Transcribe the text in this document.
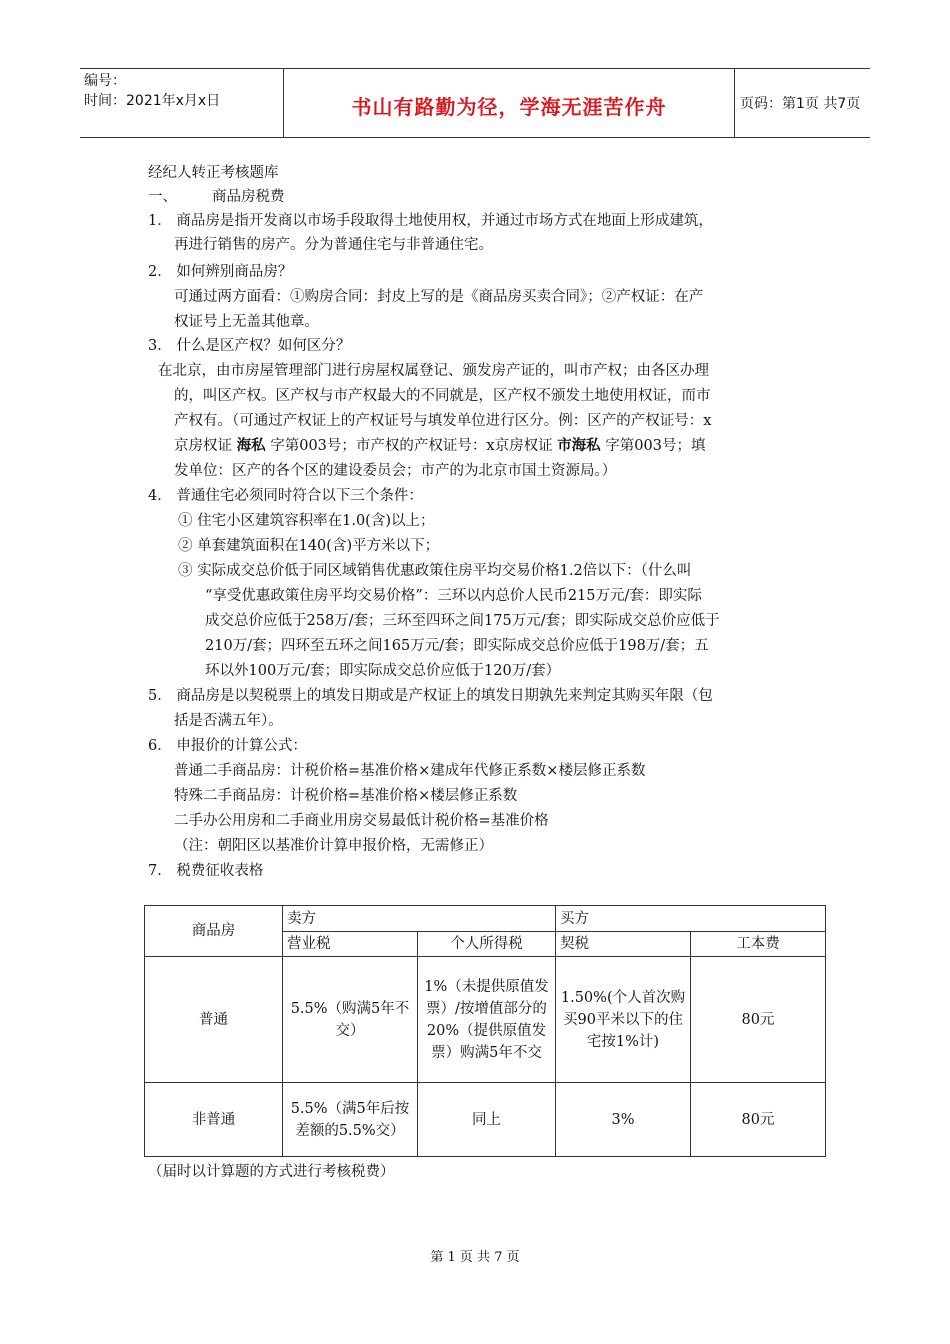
编号：
时间：2021年x月x日	书山有路勤为径，学海无涯苦作舟	页码：第1页 共7页
经纪人转正考核题库
一、 商品房税费
1． 商品房是指开发商以市场手段取得土地使用权，并通过市场方式在地面上形成建筑，
再进行销售的房产。分为普通住宅与非普通住宅。
2． 如何辨别商品房？
可通过两方面看：①购房合同：封皮上写的是《商品房买卖合同》；②产权证：在产
权证号上无盖其他章。
3． 什么是区产权？如何区分？
在北京，由市房屋管理部门进行房屋权属登记、颁发房产证的，叫市产权；由各区办理
的，叫区产权。区产权与市产权最大的不同就是，区产权不颁发土地使用权证，而市
产权有。（可通过产权证上的产权证号与填发单位进行区分。例：区产的产权证号：x
京房权证 海私 字第003号；市产权的产权证号：x京房权证 市海私 字第003号；填
发单位：区产的各个区的建设委员会；市产的为北京市国土资源局。）
4． 普通住宅必须同时符合以下三个条件：
① 住宅小区建筑容积率在1.0(含)以上；
② 单套建筑面积在140(含)平方米以下；
③ 实际成交总价低于同区域销售优惠政策住房平均交易价格1.2倍以下：（什么叫
“享受优惠政策住房平均交易价格”：三环以内总价人民币215万元/套：即实际
成交总价应低于258万/套；三环至四环之间175万元/套；即实际成交总价应低于
210万/套；四环至五环之间165万元/套；即实际成交总价应低于198万/套；五
环以外100万元/套；即实际成交总价应低于120万/套）
5． 商品房是以契税票上的填发日期或是产权证上的填发日期孰先来判定其购买年限（包
括是否满五年）。
6． 申报价的计算公式：
普通二手商品房：计税价格=基准价格×建成年代修正系数×楼层修正系数
特殊二手商品房：计税价格=基准价格×楼层修正系数
二手办公用房和二手商业用房交易最低计税价格=基准价格
（注：朝阳区以基准价计算申报价格，无需修正）
7． 税费征收表格
商品房	卖方		买方	
	营业税	个人所得税	契税	工本费
普通	5.5%（购满5年不交）	1%（未提供原值发票）/按增值部分的20%（提供原值发票）购满5年不交	1.50%(个人首次购买90平米以下的住宅按1%计)	80元
非普通	5.5%（满5年后按差额的5.5%交）	同上	3%	80元
（届时以计算题的方式进行考核税费）
第 1 页 共 7 页
